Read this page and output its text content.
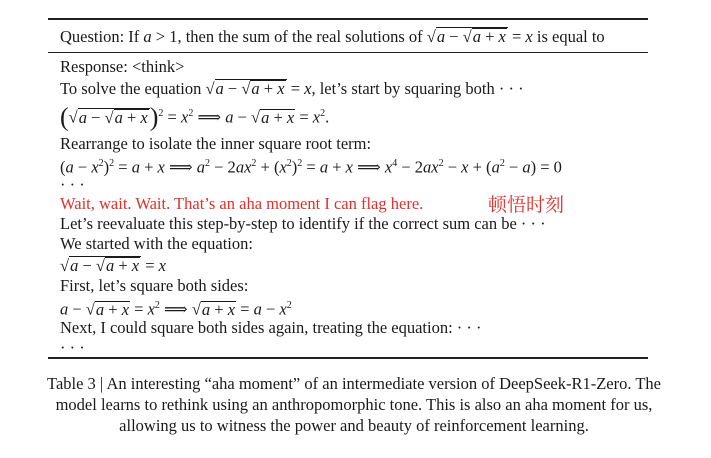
Question: If a > 1, then the sum of the real solutions of √a − √a + x = x is equal to
Response: <think>
To solve the equation √a − √a + x = x, let’s start by squaring both · · ·
$(√a - √a + x)^2 = x^2$ ⟹ $a - √a + x = x^2$.
Rearrange to isolate the inner square root term:
$(a - x^2)^2 = a + x$ ⟹ $a^2 - 2ax^2 + (x^2)^2 = a + x$ ⟹ $x^4 - 2ax^2 - x + (a^2 - a) = 0$
· · ·
Wait, wait. Wait. That’s an aha moment I can flag here.	顿悟时刻
Let’s reevaluate this step-by-step to identify if the correct sum can be · · ·
We started with the equation:
√a − √a + x = x
First, let’s square both sides:
$a - √a + x = x^2$ ⟹ $√a + x = a - x^2$
Next, I could square both sides again, treating the equation: · · ·
· · ·
Table 3 | An interesting “aha moment” of an intermediate version of DeepSeek-R1-Zero. The
model learns to rethink using an anthropomorphic tone. This is also an aha moment for us,
allowing us to witness the power and beauty of reinforcement learning.
